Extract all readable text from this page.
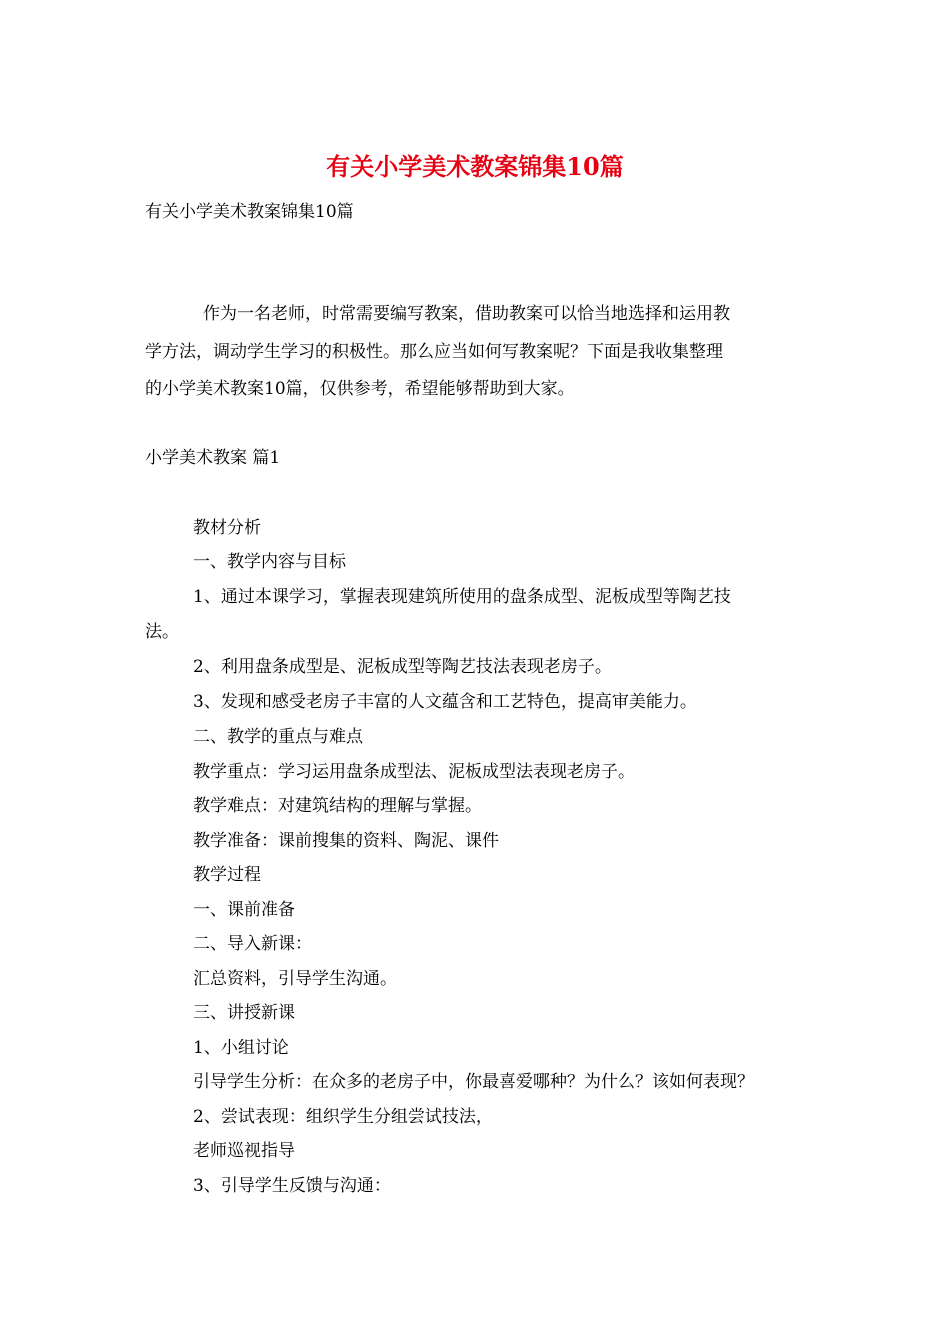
有关小学美术教案锦集10篇

有关小学美术教案锦集10篇

作为一名老师，时常需要编写教案，借助教案可以恰当地选择和运用教

学方法，调动学生学习的积极性。那么应当如何写教案呢？下面是我收集整理

的小学美术教案10篇，仅供参考，希望能够帮助到大家。

小学美术教案 篇1

教材分析

一、教学内容与目标

1、通过本课学习，掌握表现建筑所使用的盘条成型、泥板成型等陶艺技

法。

2、利用盘条成型是、泥板成型等陶艺技法表现老房子。

3、发现和感受老房子丰富的人文蕴含和工艺特色，提高审美能力。

二、教学的重点与难点

教学重点：学习运用盘条成型法、泥板成型法表现老房子。

教学难点：对建筑结构的理解与掌握。

教学准备：课前搜集的资料、陶泥、课件

教学过程

一、课前准备

二、导入新课：

汇总资料，引导学生沟通。

三、讲授新课

1、小组讨论

引导学生分析：在众多的老房子中，你最喜爱哪种？为什么？该如何表现？

2、尝试表现：组织学生分组尝试技法，

老师巡视指导

3、引导学生反馈与沟通：
